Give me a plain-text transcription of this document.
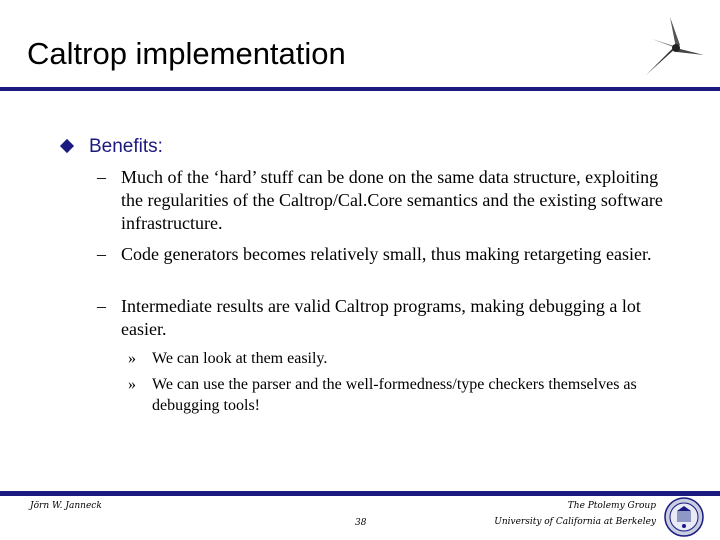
Caltrop implementation
Benefits:
– Much of the ‘hard’ stuff can be done on the same data structure, exploiting the regularities of the Caltrop/Cal.Core semantics and the existing software infrastructure.
– Code generators becomes relatively small, thus making retargeting easier.
– Intermediate results are valid Caltrop programs, making debugging a lot easier.
» We can look at them easily.
» We can use the parser and the well-formedness/type checkers themselves as debugging tools!
Jörn W. Janneck
38
The Ptolemy Group
University of California at Berkeley
